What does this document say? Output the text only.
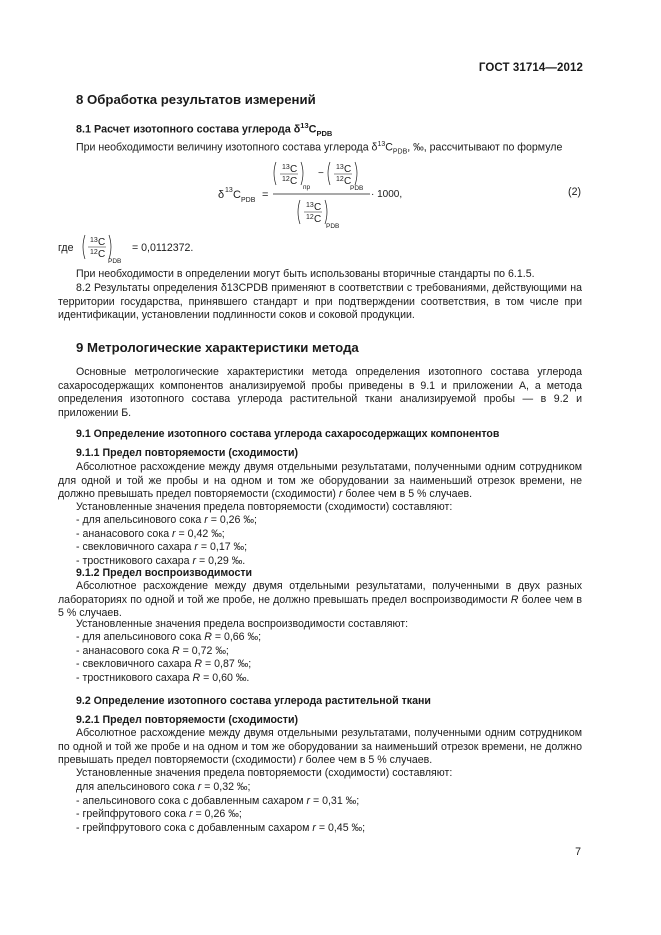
ГОСТ 31714—2012
8 Обработка результатов измерений
8.1 Расчет изотопного состава углерода $\delta^{13}C_{PDB}$
При необходимости величину изотопного состава углерода $\delta^{13}C_{PDB}$, ‰, рассчитывают по формуле
δ 13 C PDB =
13 C
12 C
пр
−
13 C
12 C
PDB
13 C
12 C
PDB
· 1000,	(2)
где
13 C
12 C
PDB
= 0,0112372.
При необходимости в определении могут быть использованы вторичные стандарты по 6.1.5.
8.2 Результаты определения δ13CPDB применяют в соответствии с требованиями, действующими на территории государства, принявшего стандарт и при подтверждении соответствия, в том числе при идентификации, установлении подлинности соков и соковой продукции.
9 Метрологические характеристики метода
Основные метрологические характеристики метода определения изотопного состава углерода сахаросодержащих компонентов анализируемой пробы приведены в 9.1 и приложении А, а метода определения изотопного состава углерода растительной ткани анализируемой пробы — в 9.2 и приложении Б.
9.1 Определение изотопного состава углерода сахаросодержащих компонентов
9.1.1 Предел повторяемости (сходимости)
Абсолютное расхождение между двумя отдельными результатами, полученными одним сотрудником для одной и той же пробы и на одном и том же оборудовании за наименьший отрезок времени, не должно превышать предел повторяемости (сходимости) r более чем в 5 % случаев.
Установленные значения предела повторяемости (сходимости) составляют:
- для апельсинового сока r = 0,26 ‰;
- ананасового сока r = 0,42 ‰;
- свекловичного сахара r = 0,17 ‰;
- тростникового сахара r = 0,29 ‰.
9.1.2 Предел воспроизводимости
Абсолютное расхождение между двумя отдельными результатами, полученными в двух разных лабораториях по одной и той же пробе, не должно превышать предел воспроизводимости R более чем в 5 % случаев.
Установленные значения предела воспроизводимости составляют:
- для апельсинового сока R = 0,66 ‰;
- ананасового сока R = 0,72 ‰;
- свекловичного сахара R = 0,87 ‰;
- тростникового сахара R = 0,60 ‰.
9.2 Определение изотопного состава углерода растительной ткани
9.2.1 Предел повторяемости (сходимости)
Абсолютное расхождение между двумя отдельными результатами, полученными одним сотрудником по одной и той же пробе и на одном и том же оборудовании за наименьший отрезок времени, не должно превышать предел повторяемости (сходимости) r более чем в 5 % случаев.
Установленные значения предела повторяемости (сходимости) составляют:
для апельсинового сока r = 0,32 ‰;
- апельсинового сока с добавленным сахаром r = 0,31 ‰;
- грейпфрутового сока r = 0,26 ‰;
- грейпфрутового сока с добавленным сахаром r = 0,45 ‰;
7
